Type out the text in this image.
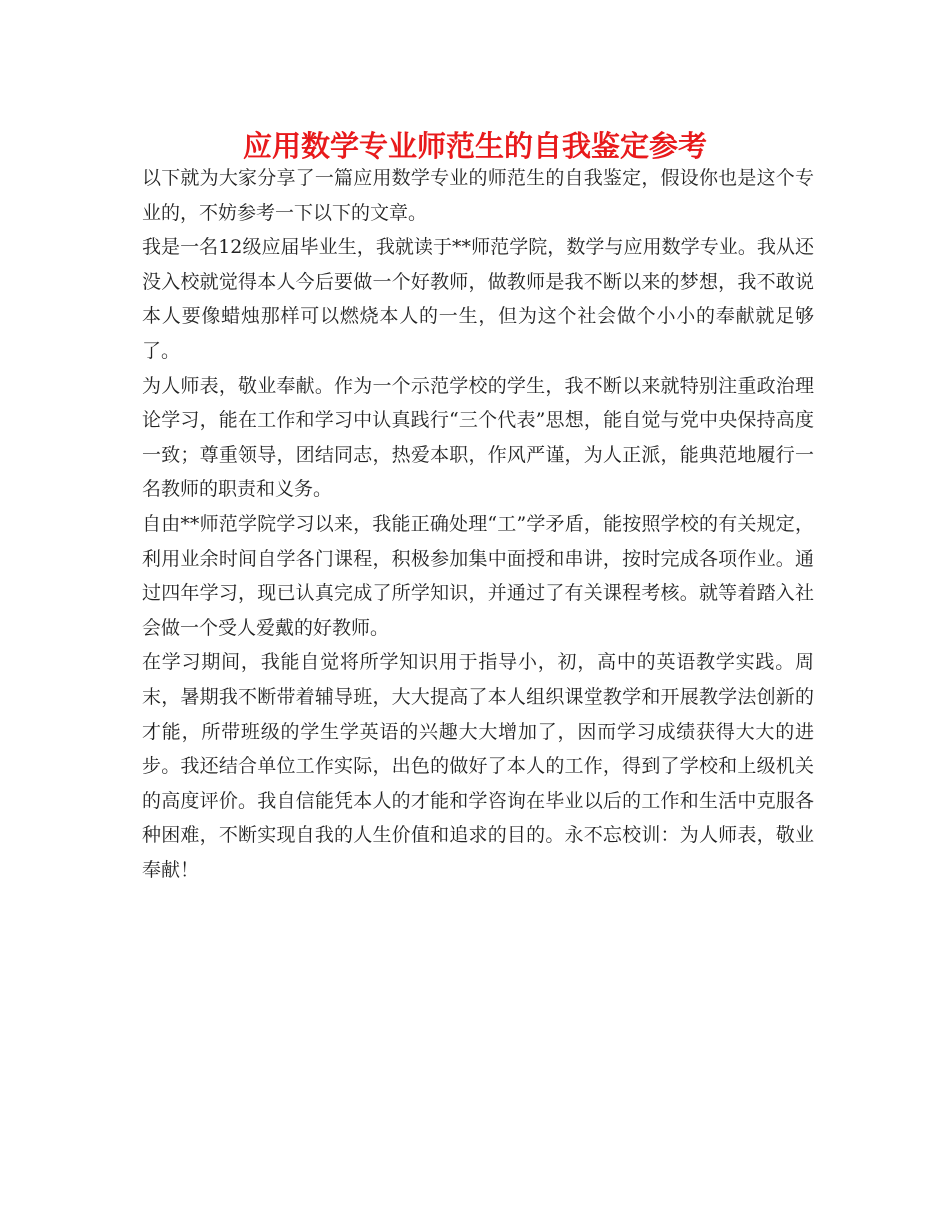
应用数学专业师范生的自我鉴定参考

以下就为大家分享了一篇应用数学专业的师范生的自我鉴定，假设你也是这个专业的，不妨参考一下以下的文章。

我是一名12级应届毕业生，我就读于**师范学院，数学与应用数学专业。我从还没入校就觉得本人今后要做一个好教师，做教师是我不断以来的梦想，我不敢说本人要像蜡烛那样可以燃烧本人的一生，但为这个社会做个小小的奉献就足够了。

为人师表，敬业奉献。作为一个示范学校的学生，我不断以来就特别注重政治理论学习，能在工作和学习中认真践行“三个代表”思想，能自觉与党中央保持高度一致；尊重领导，团结同志，热爱本职，作风严谨，为人正派，能典范地履行一名教师的职责和义务。

自由**师范学院学习以来，我能正确处理“工”学矛盾，能按照学校的有关规定，利用业余时间自学各门课程，积极参加集中面授和串讲，按时完成各项作业。通过四年学习，现已认真完成了所学知识，并通过了有关课程考核。就等着踏入社会做一个受人爱戴的好教师。

在学习期间，我能自觉将所学知识用于指导小，初，高中的英语教学实践。周末，暑期我不断带着辅导班，大大提高了本人组织课堂教学和开展教学法创新的才能，所带班级的学生学英语的兴趣大大增加了，因而学习成绩获得大大的进步。我还结合单位工作实际，出色的做好了本人的工作，得到了学校和上级机关的高度评价。我自信能凭本人的才能和学咨询在毕业以后的工作和生活中克服各种困难，不断实现自我的人生价值和追求的目的。永不忘校训：为人师表，敬业奉献！
